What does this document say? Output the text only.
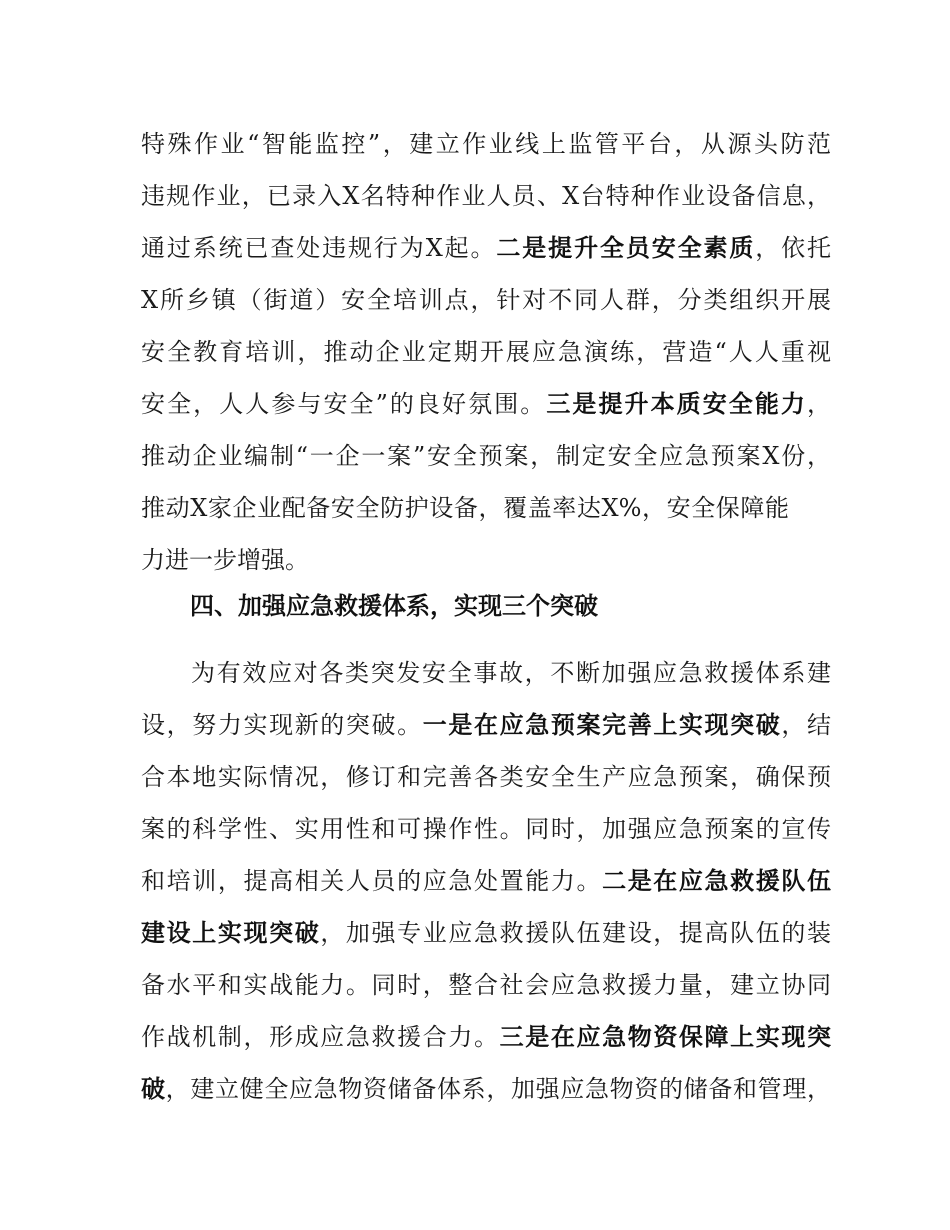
特殊作业“智能监控”，建立作业线上监管平台，从源头防范
违规作业，已录入X名特种作业人员、X台特种作业设备信息，
通过系统已查处违规行为X起。二是提升全员安全素质，依托
X所乡镇（街道）安全培训点，针对不同人群，分类组织开展
安全教育培训，推动企业定期开展应急演练，营造“人人重视
安全，人人参与安全”的良好氛围。三是提升本质安全能力，
推动企业编制“一企一案”安全预案，制定安全应急预案X份，
推动X家企业配备安全防护设备，覆盖率达X%，安全保障能
力进一步增强。
四、加强应急救援体系，实现三个突破
为有效应对各类突发安全事故，不断加强应急救援体系建
设，努力实现新的突破。一是在应急预案完善上实现突破，结
合本地实际情况，修订和完善各类安全生产应急预案，确保预
案的科学性、实用性和可操作性。同时，加强应急预案的宣传
和培训，提高相关人员的应急处置能力。二是在应急救援队伍
建设上实现突破，加强专业应急救援队伍建设，提高队伍的装
备水平和实战能力。同时，整合社会应急救援力量，建立协同
作战机制，形成应急救援合力。三是在应急物资保障上实现突
破，建立健全应急物资储备体系，加强应急物资的储备和管理，
